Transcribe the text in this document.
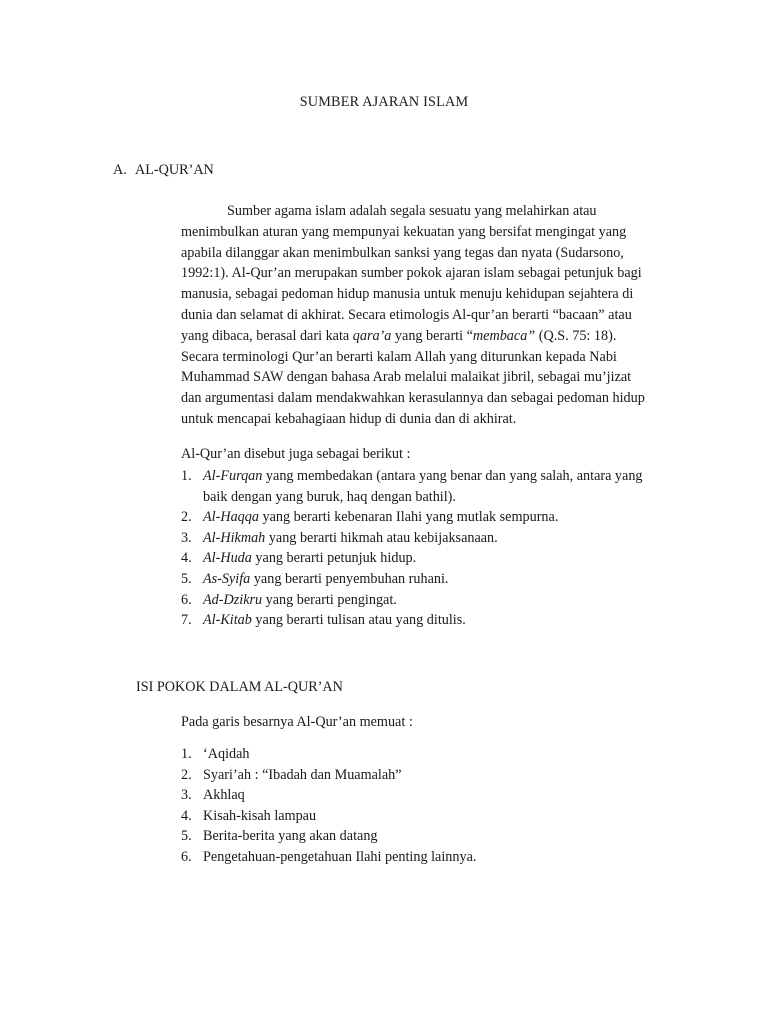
SUMBER AJARAN ISLAM
A. AL-QUR’AN
Sumber agama islam adalah segala sesuatu yang melahirkan atau
menimbulkan aturan yang mempunyai kekuatan yang bersifat mengingat yang
apabila dilanggar akan menimbulkan sanksi yang tegas dan nyata (Sudarsono,
1992:1). Al-Qur’an merupakan sumber pokok ajaran islam sebagai petunjuk bagi
manusia, sebagai pedoman hidup manusia untuk menuju kehidupan sejahtera di
dunia dan selamat di akhirat. Secara etimologis Al-qur’an berarti “bacaan” atau
yang dibaca, berasal dari kata qara’a yang berarti “membaca” (Q.S. 75: 18).
Secara terminologi Qur’an berarti kalam Allah yang diturunkan kepada Nabi
Muhammad SAW dengan bahasa Arab melalui malaikat jibril, sebagai mu’jizat
dan argumentasi dalam mendakwahkan kerasulannya dan sebagai pedoman hidup
untuk mencapai kebahagiaan hidup di dunia dan di akhirat.
Al-Qur’an disebut juga sebagai berikut :
1. Al-Furqan yang membedakan (antara yang benar dan yang salah, antara yang
baik dengan yang buruk, haq dengan bathil).
2. Al-Haqqa yang berarti kebenaran Ilahi yang mutlak sempurna.
3. Al-Hikmah yang berarti hikmah atau kebijaksanaan.
4. Al-Huda yang berarti petunjuk hidup.
5. As-Syifa yang berarti penyembuhan ruhani.
6. Ad-Dzikru yang berarti pengingat.
7. Al-Kitab yang berarti tulisan atau yang ditulis.
ISI POKOK DALAM AL-QUR’AN
Pada garis besarnya Al-Qur’an memuat :
1. ‘Aqidah
2. Syari’ah : “Ibadah dan Muamalah”
3. Akhlaq
4. Kisah-kisah lampau
5. Berita-berita yang akan datang
6. Pengetahuan-pengetahuan Ilahi penting lainnya.
